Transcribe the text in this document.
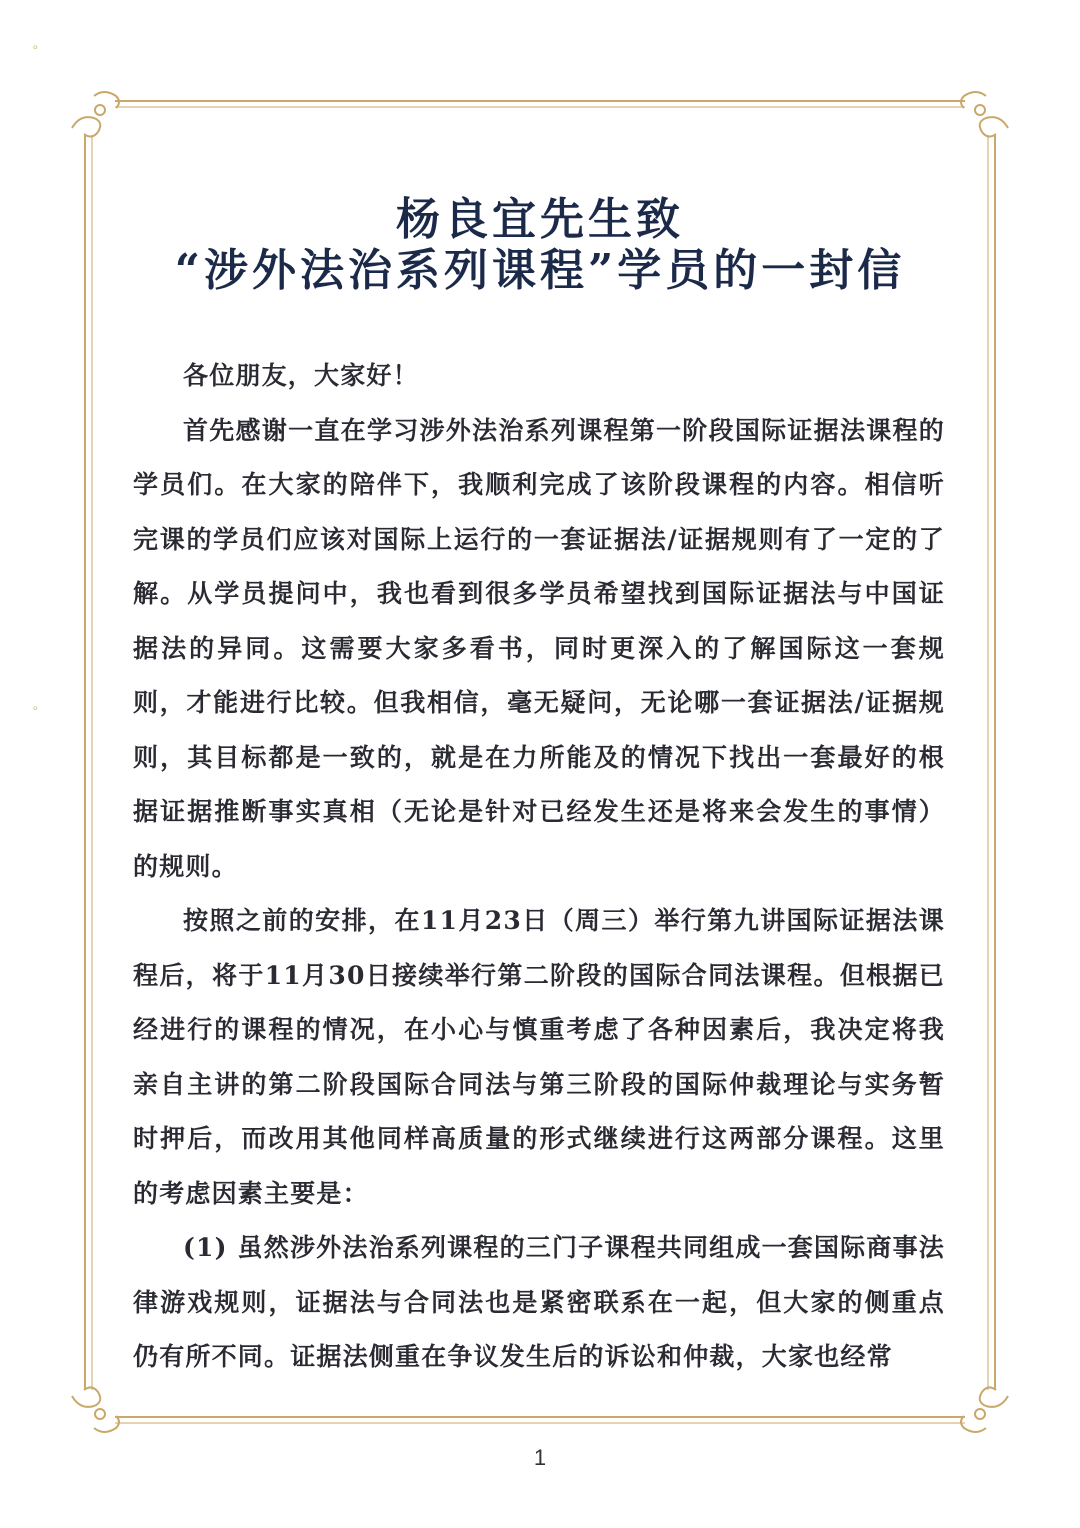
ᵒ
ᵒ
杨良宜先生致
“涉外法治系列课程”学员的一封信

各位朋友，大家好！

首先感谢一直在学习涉外法治系列课程第一阶段国际证据法课程的学员们。在大家的陪伴下，我顺利完成了该阶段课程的内容。相信听完课的学员们应该对国际上运行的一套证据法/证据规则有了一定的了解。从学员提问中，我也看到很多学员希望找到国际证据法与中国证据法的异同。这需要大家多看书，同时更深入的了解国际这一套规则，才能进行比较。但我相信，毫无疑问，无论哪一套证据法/证据规则，其目标都是一致的，就是在力所能及的情况下找出一套最好的根据证据推断事实真相（无论是针对已经发生还是将来会发生的事情）的规则。

按照之前的安排，在11月23日（周三）举行第九讲国际证据法课程后，将于11月30日接续举行第二阶段的国际合同法课程。但根据已经进行的课程的情况，在小心与慎重考虑了各种因素后，我决定将我亲自主讲的第二阶段国际合同法与第三阶段的国际仲裁理论与实务暂时押后，而改用其他同样高质量的形式继续进行这两部分课程。这里的考虑因素主要是：

(1) 虽然涉外法治系列课程的三门子课程共同组成一套国际商事法律游戏规则，证据法与合同法也是紧密联系在一起，但大家的侧重点仍有所不同。证据法侧重在争议发生后的诉讼和仲裁，大家也经常

1
